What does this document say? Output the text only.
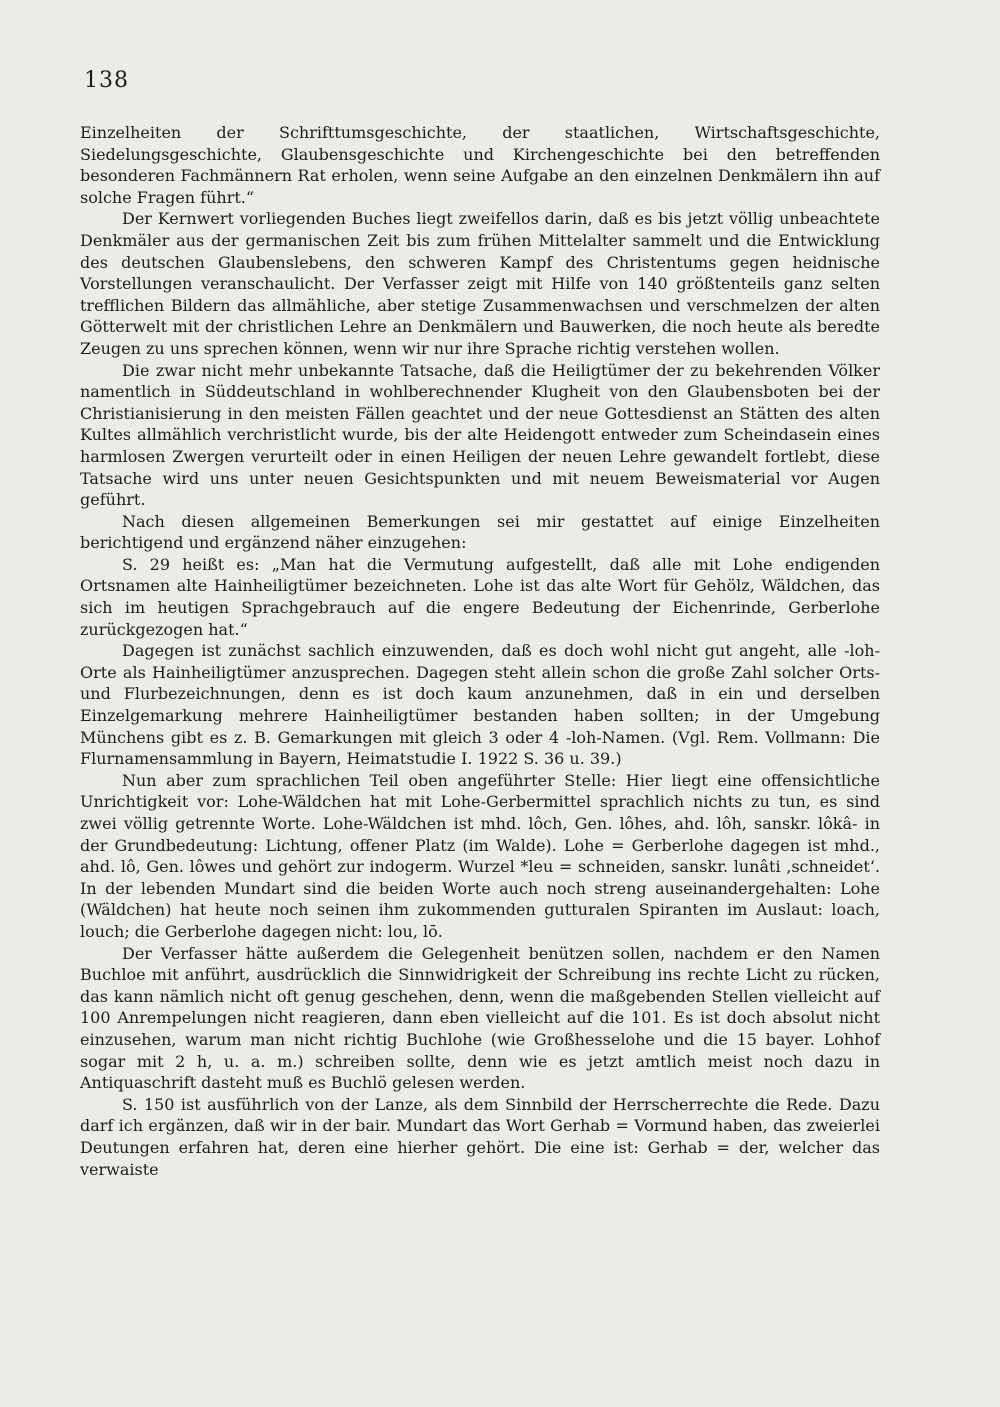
138

Einzelheiten der Schrifttumsgeschichte, der staatlichen, Wirtschaftsgeschichte, Siedelungsgeschichte, Glaubensgeschichte und Kirchengeschichte bei den betreffenden besonderen Fachmännern Rat erholen, wenn seine Aufgabe an den einzelnen Denkmälern ihn auf solche Fragen führt.“

Der Kernwert vorliegenden Buches liegt zweifellos darin, daß es bis jetzt völlig unbeachtete Denkmäler aus der germanischen Zeit bis zum frühen Mittelalter sammelt und die Entwicklung des deutschen Glaubenslebens, den schweren Kampf des Christentums gegen heidnische Vorstellungen veranschaulicht. Der Verfasser zeigt mit Hilfe von 140 größtenteils ganz selten trefflichen Bildern das allmähliche, aber stetige Zusammenwachsen und verschmelzen der alten Götterwelt mit der christlichen Lehre an Denkmälern und Bauwerken, die noch heute als beredte Zeugen zu uns sprechen können, wenn wir nur ihre Sprache richtig verstehen wollen.

Die zwar nicht mehr unbekannte Tatsache, daß die Heiligtümer der zu bekehrenden Völker namentlich in Süddeutschland in wohlberechnender Klugheit von den Glaubensboten bei der Christianisierung in den meisten Fällen geachtet und der neue Gottesdienst an Stätten des alten Kultes allmählich verchristlicht wurde, bis der alte Heidengott entweder zum Scheindasein eines harmlosen Zwergen verurteilt oder in einen Heiligen der neuen Lehre gewandelt fortlebt, diese Tatsache wird uns unter neuen Gesichtspunkten und mit neuem Beweismaterial vor Augen geführt.

Nach diesen allgemeinen Bemerkungen sei mir gestattet auf einige Einzelheiten berichtigend und ergänzend näher einzugehen:

S. 29 heißt es: „Man hat die Vermutung aufgestellt, daß alle mit Lohe endigenden Ortsnamen alte Hainheiligtümer bezeichneten. Lohe ist das alte Wort für Gehölz, Wäldchen, das sich im heutigen Sprachgebrauch auf die engere Bedeutung der Eichenrinde, Gerberlohe zurückgezogen hat.“

Dagegen ist zunächst sachlich einzuwenden, daß es doch wohl nicht gut angeht, alle -loh-Orte als Hainheiligtümer anzusprechen. Dagegen steht allein schon die große Zahl solcher Orts- und Flurbezeichnungen, denn es ist doch kaum anzunehmen, daß in ein und derselben Einzelgemarkung mehrere Hainheiligtümer bestanden haben sollten; in der Umgebung Münchens gibt es z. B. Gemarkungen mit gleich 3 oder 4 -loh-Namen. (Vgl. Rem. Vollmann: Die Flurnamensammlung in Bayern, Heimatstudie I. 1922 S. 36 u. 39.)

Nun aber zum sprachlichen Teil oben angeführter Stelle: Hier liegt eine offensichtliche Unrichtigkeit vor: Lohe-Wäldchen hat mit Lohe-Gerbermittel sprachlich nichts zu tun, es sind zwei völlig getrennte Worte. Lohe-Wäldchen ist mhd. lôch, Gen. lôhes, ahd. lôh, sanskr. lôkâ- in der Grundbedeutung: Lichtung, offener Platz (im Walde). Lohe = Gerberlohe dagegen ist mhd., ahd. lô, Gen. lôwes und gehört zur indogerm. Wurzel *leu = schneiden, sanskr. lunâti ‚schneidet‘. In der lebenden Mundart sind die beiden Worte auch noch streng auseinandergehalten: Lohe (Wäldchen) hat heute noch seinen ihm zukommenden gutturalen Spiranten im Auslaut: loach, louch; die Gerberlohe dagegen nicht: lou, lō.

Der Verfasser hätte außerdem die Gelegenheit benützen sollen, nachdem er den Namen Buchloe mit anführt, ausdrücklich die Sinnwidrigkeit der Schreibung ins rechte Licht zu rücken, das kann nämlich nicht oft genug geschehen, denn, wenn die maßgebenden Stellen vielleicht auf 100 Anrempelungen nicht reagieren, dann eben vielleicht auf die 101. Es ist doch absolut nicht einzusehen, warum man nicht richtig Buchlohe (wie Großhesselohe und die 15 bayer. Lohhof sogar mit 2 h, u. a. m.) schreiben sollte, denn wie es jetzt amtlich meist noch dazu in Antiquaschrift dasteht muß es Buchlö gelesen werden.

S. 150 ist ausführlich von der Lanze, als dem Sinnbild der Herrscherrechte die Rede. Dazu darf ich ergänzen, daß wir in der bair. Mundart das Wort Gerhab = Vormund haben, das zweierlei Deutungen erfahren hat, deren eine hierher gehört. Die eine ist: Gerhab = der, welcher das verwaiste
